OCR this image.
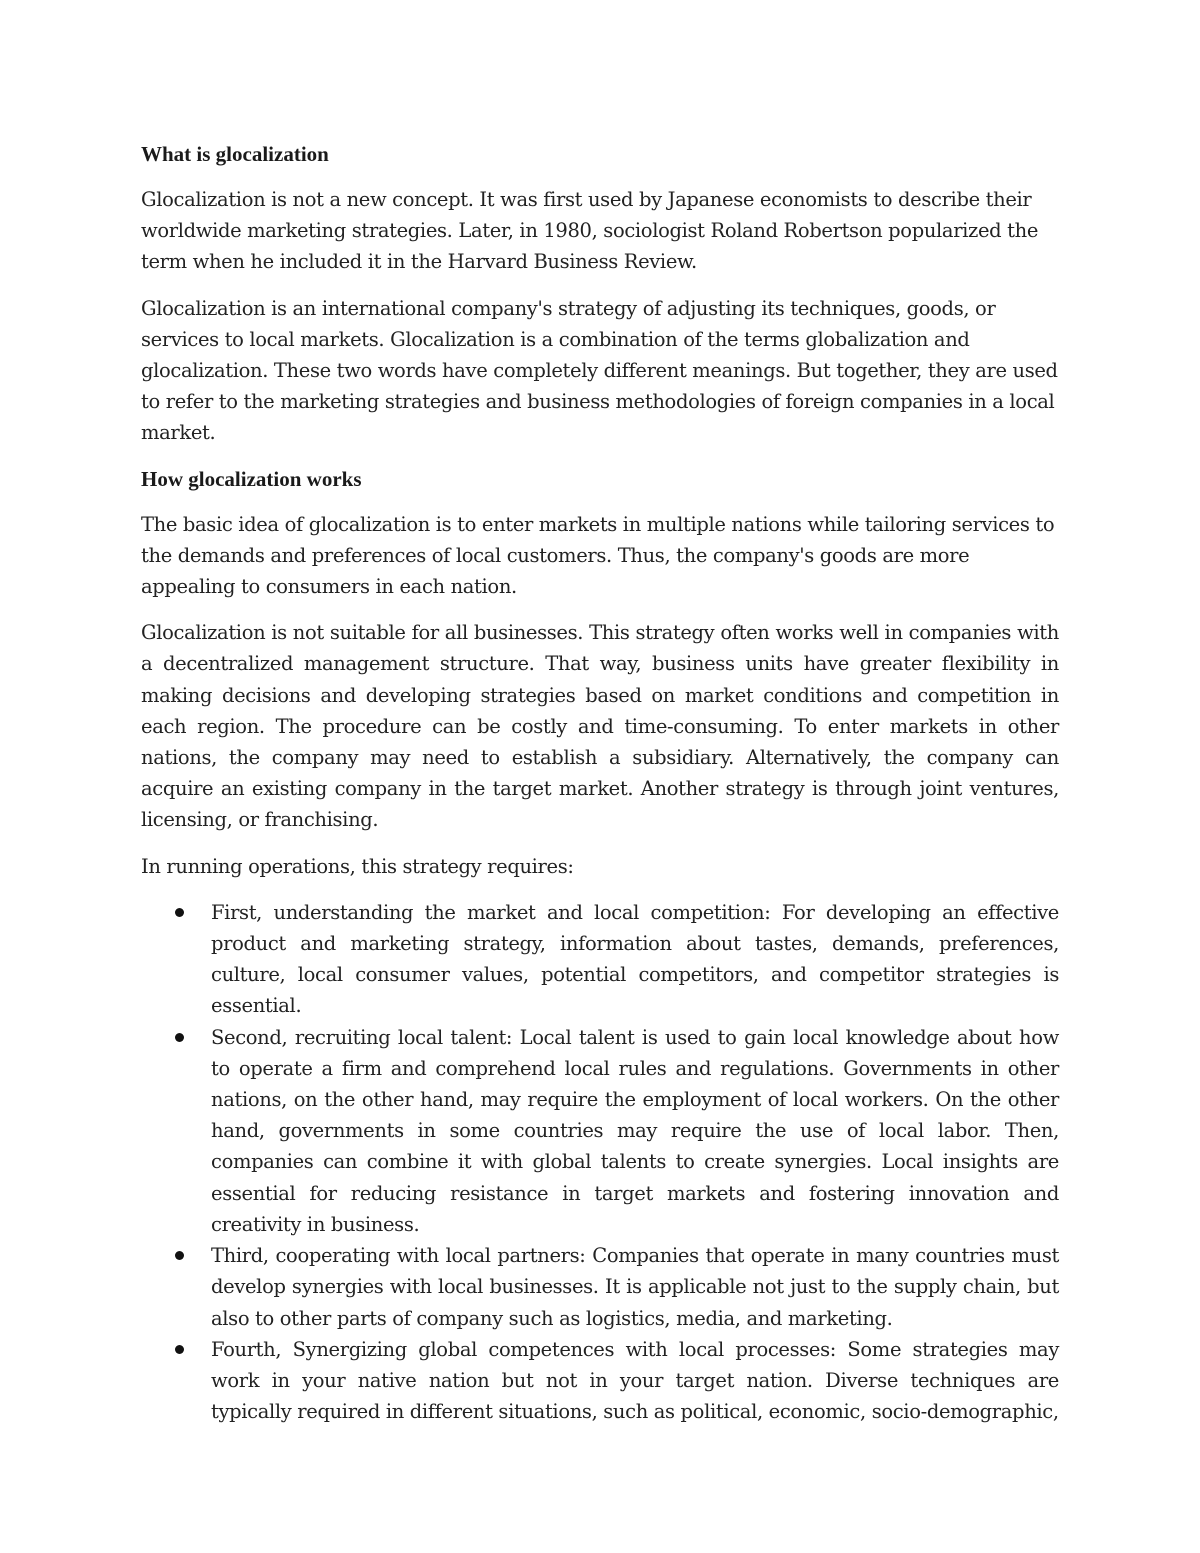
What is glocalization

Glocalization is not a new concept. It was first used by Japanese economists to describe their worldwide marketing strategies. Later, in 1980, sociologist Roland Robertson popularized the term when he included it in the Harvard Business Review.

Glocalization is an international company's strategy of adjusting its techniques, goods, or services to local markets. Glocalization is a combination of the terms globalization and glocalization. These two words have completely different meanings. But together, they are used to refer to the marketing strategies and business methodologies of foreign companies in a local market.

How glocalization works

The basic idea of glocalization is to enter markets in multiple nations while tailoring services to the demands and preferences of local customers. Thus, the company's goods are more appealing to consumers in each nation.

Glocalization is not suitable for all businesses. This strategy often works well in companies with a decentralized management structure. That way, business units have greater flexibility in making decisions and developing strategies based on market conditions and competition in each region. The procedure can be costly and time-consuming. To enter markets in other nations, the company may need to establish a subsidiary. Alternatively, the company can acquire an existing company in the target market. Another strategy is through joint ventures, licensing, or franchising.

In running operations, this strategy requires:

First, understanding the market and local competition: For developing an effective product and marketing strategy, information about tastes, demands, preferences, culture, local consumer values, potential competitors, and competitor strategies is essential.
Second, recruiting local talent: Local talent is used to gain local knowledge about how to operate a firm and comprehend local rules and regulations. Governments in other nations, on the other hand, may require the employment of local workers. On the other hand, governments in some countries may require the use of local labor. Then, companies can combine it with global talents to create synergies. Local insights are essential for reducing resistance in target markets and fostering innovation and creativity in business.
Third, cooperating with local partners: Companies that operate in many countries must develop synergies with local businesses. It is applicable not just to the supply chain, but also to other parts of company such as logistics, media, and marketing.
Fourth, Synergizing global competences with local processes: Some strategies may work in your native nation but not in your target nation. Diverse techniques are typically required in different situations, such as political, economic, socio-demographic,
